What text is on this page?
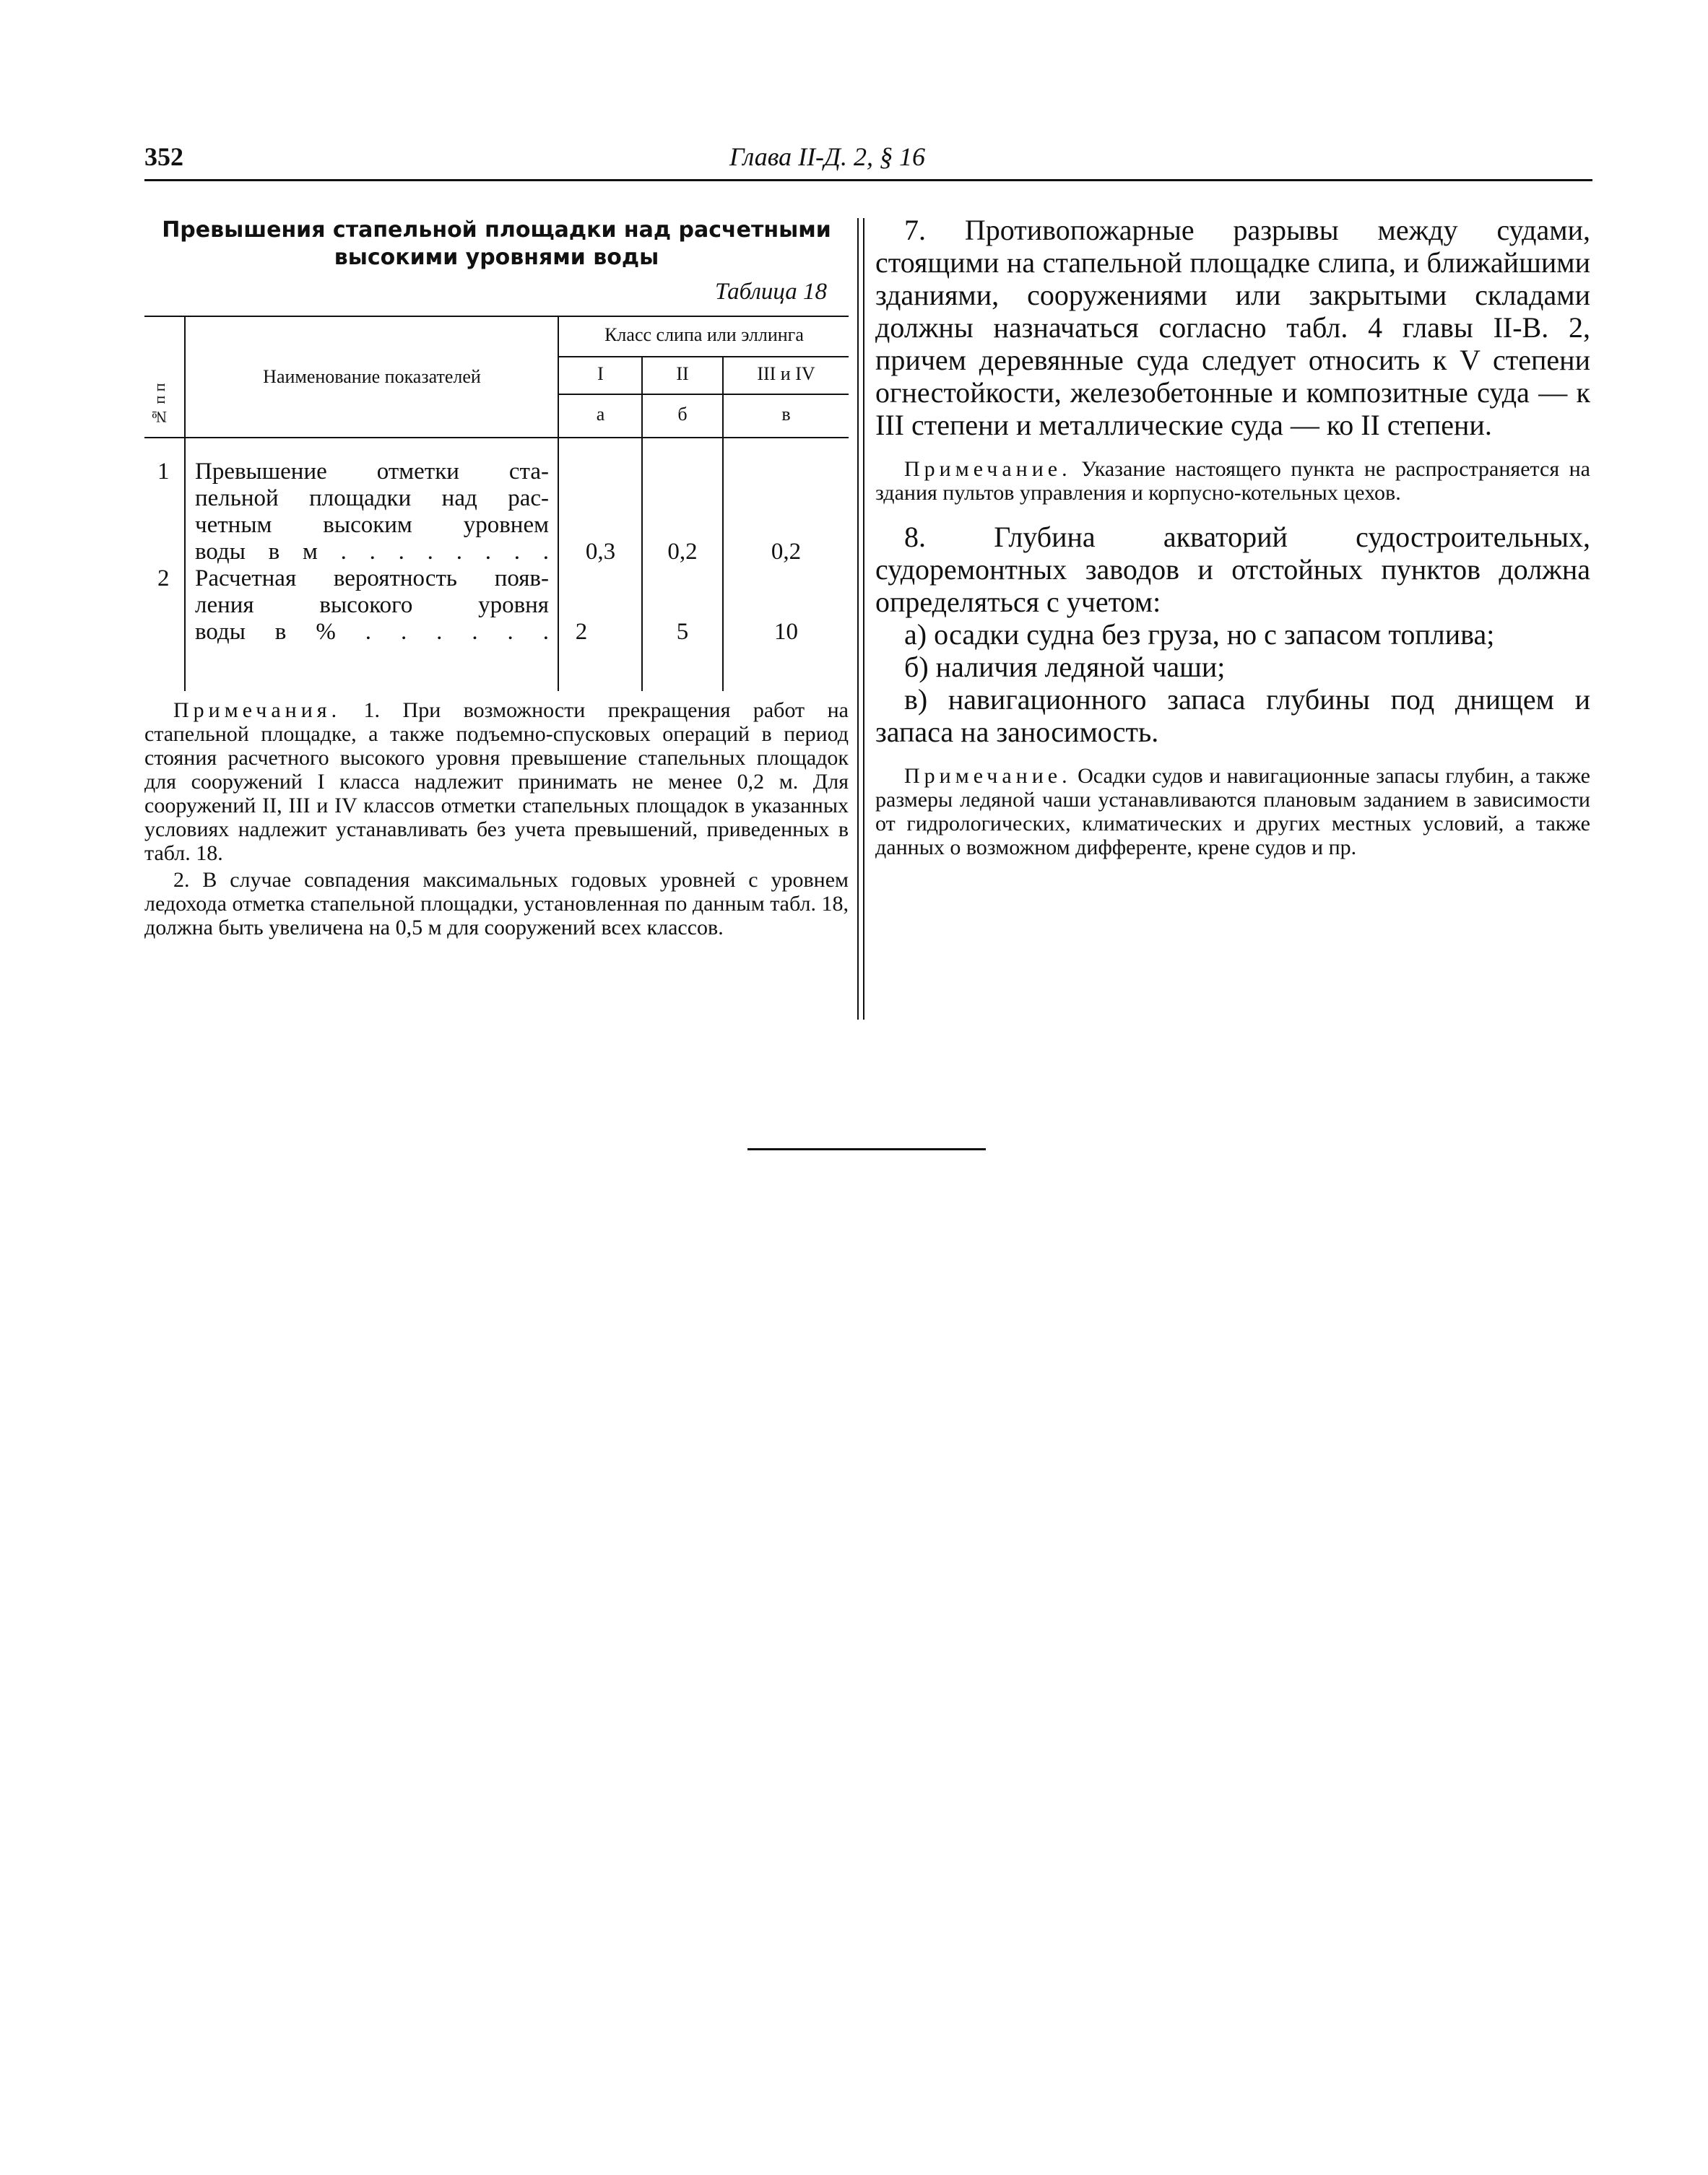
352	Глава II-Д. 2, § 16
Превышения стапельной площадки над расчетными
высокими уровнями воды
Таблица 18
№ п п
Наименование показателей
Класс слипа или эллинга
I	II	III и IV
а	б	в
1 Превышение отметки ста-
пельной площадки над рас-
четным высоким уровнем
воды в м . . . . . . . .	0,3	0,2	0,2
2 Расчетная вероятность появ-
ления высокого уровня
воды в % . . . . . .	2	5	10

Примечания. 1. При возможности прекращения работ на стапельной площадке, а также подъемно-спусковых операций в период стояния расчетного высокого уровня превышение стапельных площадок для сооружений I класса надлежит принимать не менее 0,2 м. Для сооружений II, III и IV классов отметки стапельных площадок в указанных условиях надлежит устанавливать без учета превышений, приведенных в табл. 18.

2. В случае совпадения максимальных годовых уровней с уровнем ледохода отметка стапельной площадки, установленная по данным табл. 18, должна быть увеличена на 0,5 м для сооружений всех классов.

7. Противопожарные разрывы между судами, стоящими на стапельной площадке слипа, и ближайшими зданиями, сооружениями или закрытыми складами должны назначаться согласно табл. 4 главы II-В. 2, причем деревянные суда следует относить к V степени огнестойкости, железобетонные и композитные суда — к III степени и металлические суда — ко II степени.

Примечание. Указание настоящего пункта не распространяется на здания пультов управления и корпусно-котельных цехов.

8. Глубина акваторий судостроительных, судоремонтных заводов и отстойных пунктов должна определяться с учетом:

а) осадки судна без груза, но с запасом топлива;

б) наличия ледяной чаши;

в) навигационного запаса глубины под днищем и запаса на заносимость.

Примечание. Осадки судов и навигационные запасы глубин, а также размеры ледяной чаши устанавливаются плановым заданием в зависимости от гидрологических, климатических и других местных условий, а также данных о возможном дифференте, крене судов и пр.
